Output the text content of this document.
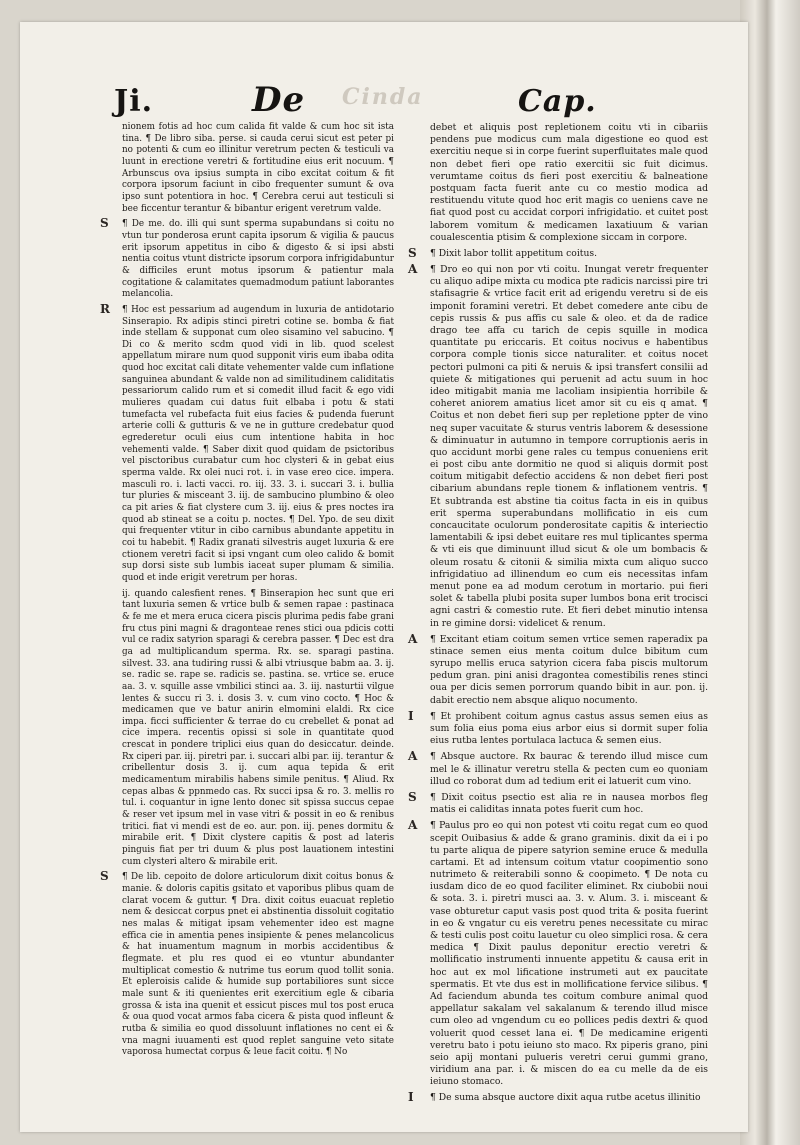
Ji.	De Cinda	Cap.

nionem fotis ad hoc cum calida fit valde & cum hoc sit ista tina. ¶ De libro siba. perse. si cauda cerui sicut est peter pi no potenti & cum eo illinitur veretrum pecten & testiculi va luunt in erectione veretri & fortitudine eius erit nocuum. ¶ Arbunscus ova ipsius sumpta in cibo excitat coitum & fit corpora ipsorum faciunt in cibo frequenter sumunt & ova ipso sunt potentiora in hoc. ¶ Cerebra cerui aut testiculi si bee ficcentur terantur & bibantur erigent veretrum valde.

S ¶ De me. do. illi qui sunt sperma supabundans si coitu no vtun tur ponderosa erunt capita ipsorum & vigilia & paucus erit ipsorum appetitus in cibo & digesto & si ipsi absti nentia coitus vtunt districte ipsorum corpora infrigidabuntur & difficiles erunt motus ipsorum & patientur mala cogitatione & calamitates quemadmodum patiunt laborantes melancolia.

R ¶ Hoc est pessarium ad augendum in luxuria de antidotario Sinserapio. Rx adipis stinci piretri cotine se. bomba & fiat inde stellam & supponat cum oleo sisamino vel sabucino. ¶ Di co & merito scdm quod vidi in lib. quod scelest appellatum mirare num quod supponit viris eum ibaba odita quod hoc excitat cali ditate vehementer valde cum inflatione sanguinea abundant & valde non ad similitudinem caliditatis pessariorum calido rum et si comedit illud facit & ego vidi mulieres quadam cui datus fuit elbaba i potu & stati tumefacta vel rubefacta fuit eius facies & pudenda fuerunt arterie colli & gutturis & ve ne in gutture credebatur quod egrederetur oculi eius cum intentione habita in hoc vehementi valde. ¶ Saber dixit quod quidam de psictoribus vel pisctoribus curabatur cum hoc clysteri & in gebat eius sperma valde. Rx olei nuci rot. i. in vase ereo cice. impera. masculi ro. i. lacti vacci. ro. iij. 33. 3. i. succari 3. i. bullia tur pluries & misceant 3. iij. de sambucino plumbino & oleo ca pit aries & fiat clystere cum 3. iij. eius & pres noctes ira quod ab stineat se a coitu p. noctes. ¶ Del. Ypo. de seu dixit qui frequenter vtitur in cibo carnibus abundante appetitu in coi tu habebit. ¶ Radix granati silvestris auget luxuria & ere ctionem veretri facit si ipsi vngant cum oleo calido & bomit sup dorsi siste sub lumbis iaceat super plumam & similia. quod et inde erigit veretrum per horas.

ij. quando calesfient renes. ¶ Binserapion hec sunt que eri tant luxuria semen & vrtice bulb & semen rapae : pastinaca & fe me et mera eruca cicera piscis plurima pedis fabe grani fru ctus pini magni & dragonteae renes stici oua pdicis cotti vul ce radix satyrion sparagi & cerebra passer. ¶ Dec est dra ga ad multiplicandum sperma. Rx. se. sparagi pastina. silvest. 33. ana tudiring russi & albi vtriusque babm aa. 3. ij. se. radic se. rape se. radicis se. pastina. se. vrtice se. eruce aa. 3. v. squille asse vmbilici stinci aa. 3. iij. nasturtii vilgue lentes & succu ri 3. i. dosis 3. v. cum vino cocto. ¶ Hoc & medicamen que ve batur anirin elmomini elaldi. Rx cice impa. ficci sufficienter & terrae do cu crebellet & ponat ad cice impera. recentis opissi si sole in quantitate quod crescat in pondere triplici eius quan do desiccatur. deinde. Rx ciperi par. iij. piretri par. i. succari albi par. iij. terantur & cribellentur dosis 3. ij. cum aqua tepida & erit medicamentum mirabilis habens simile penitus. ¶ Aliud. Rx cepas albas & ppnmedo cas. Rx succi ipsa & ro. 3. mellis ro tul. i. coquantur in igne lento donec sit spissa succus cepae & reser vet ipsum mel in vase vitri & possit in eo & renibus tritici. fiat vi mendi est de eo. aur. pon. iij. penes dormitu & mirabile erit. ¶ Dixit clystere capitis & post ad lateris pinguis fiat per tri duum & plus post lauationem intestini cum clysteri altero & mirabile erit.

S ¶ De lib. cepoito de dolore articulorum dixit coitus bonus & manie. & doloris capitis gsitato et vaporibus plibus quam de clarat vocem & guttur. ¶ Dra. dixit coitus euacuat repletio nem & desiccat corpus pnet ei abstinentia dissoluit cogitatio nes malas & mitigat ipsam vehementer ideo est magne effica cie in amentia penes insipiente & penes melancolicus & hat inuamentum magnum in morbis accidentibus & flegmate. et plu res quod ei eo vtuntur abundanter multiplicat comestio & nutrime tus eorum quod tollit sonia. Et epleroisis calide & humide sup portabiliores sunt sicce male sunt & iti quenientes erit exercitium egle & cibaria grossa & ista ina quenit et essicut pisces mul tos post eruca & oua quod vocat armos faba cicera & pista quod infleunt & rutba & similia eo quod dissoluunt inflationes no cent ei & vna magni iuuamenti est quod replet sanguine veto sitate vaporosa humectat corpus & leue facit coitu. ¶ No

debet et aliquis post repletionem coitu vti in cibariis pendens pue modicus cum mala digestione eo quod est exercitiu neque si in corpe fuerint superfluitates male quod non debet fieri ope ratio exercitii sic fuit dicimus. verumtame coitus ds fieri post exercitiu & balneatione postquam facta fuerit ante cu co mestio modica ad restituendu vitute quod hoc erit magis co ueniens cave ne fiat quod post cu accidat corpori infrigidatio. et cuitet post laborem vomitum & medicamen laxatiuum & varian coualescentia ptisim & complexione siccam in corpore.

S ¶ Dixit labor tollit appetitum coitus.

A ¶ Dro eo qui non por vti coitu. Inungat veretr frequenter cu aliquo adipe mixta cu modica pte radicis narcissi pire tri stafisagrie & vrtice facit erit ad erigendu veretru si de eis imponit foramini veretri. Et debet comedere ante cibu de cepis russis & pus affis cu sale & oleo. et da de radice drago tee affa cu tarich de cepis squille in modica quantitate pu ericcaris. Et coitus nocivus e habentibus corpora comple tionis sicce naturaliter. et coitus nocet pectori pulmoni ca piti & neruis & ipsi transfert consilii ad quiete & mitigationes qui peruenit ad actu suum in hoc ideo mitigabit mania me lacoliam insipientia horribile & coheret aniorem amatius licet amor sit cu eis q amat. ¶ Coitus et non debet fieri sup per repletione ppter de vino neq super vacuitate & sturus ventris laborem & desessione & diminuatur in autumno in tempore corruptionis aeris in quo accidunt morbi gene rales cu tempus conueniens erit ei post cibu ante dormitio ne quod si aliquis dormit post coitum mitigabit defectio accidens & non debet fieri post cibarium abundans reple tionem & inflationem ventris. ¶ Et subtranda est abstine tia coitus facta in eis in quibus erit sperma superabundans mollificatio in eis cum concaucitate oculorum ponderositate capitis & interiectio lamentabili & ipsi debet euitare res mul tiplicantes sperma & vti eis que diminuunt illud sicut & ole um bombacis & oleum rosatu & citonii & similia mixta cum aliquo succo infrigidatiuo ad illinendum eo cum eis necessitas infam menut pone ea ad modum cerotum in mortario. pui fieri solet & tabella plubi posita super lumbos bona erit trocisci agni castri & comestio rute. Et fieri debet minutio intensa in re gimine dorsi: videlicet & renum.

A ¶ Excitant etiam coitum semen vrtice semen raperadix pa stinace semen eius menta coitum dulce bibitum cum syrupo mellis eruca satyrion cicera faba piscis multorum pedum gran. pini anisi dragontea comestibilis renes stinci oua per dicis semen porrorum quando bibit in aur. pon. ij. dabit erectio nem absque aliquo nocumento.

I ¶ Et prohibent coitum agnus castus assus semen eius as sum folia eius poma eius arbor eius si dormit super folia eius rutba lentes portulaca lactuca & semen eius.

A ¶ Absque auctore. Rx baurac & terendo illud misce cum mel le & illinatur veretru stella & pecten cum eo quoniam illud co roborat dum ad tedium erit ei latuerit cum vino.

S ¶ Dixit coitus psectio est alia re in nausea morbos fleg matis ei caliditas innata potes fuerit cum hoc.

A ¶ Paulus pro eo qui non potest vti coitu regat cum eo quod scepit Ouibasius & adde & grano graminis. dixit da ei i po tu parte aliqua de pipere satyrion semine eruce & medulla cartami. Et ad intensum coitum vtatur coopimentio sono nutrimeto & reiterabili sonno & coopimeto. ¶ De nota cu iusdam dico de eo quod faciliter eliminet. Rx ciubobii noui & sota. 3. i. piretri musci aa. 3. v. Alum. 3. i. misceant & vase obturetur caput vasis post quod trita & posita fuerint in eo & vngatur cu eis veretru penes necessitate cu mirac & testi culis post coitu lauetur cu oleo simplici rosa. & cera medica ¶ Dixit paulus deponitur erectio veretri & mollificatio instrumenti innuente appetitu & causa erit in hoc aut ex mol lificatione instrumeti aut ex paucitate spermatis. Et vte dus est in mollificatione fervice silibus. ¶ Ad faciendum abunda tes coitum combure animal quod appellatur sakalam vel sakalanum & terendo illud misce cum oleo ad vngendum cu eo pollices pedis dextri & quod voluerit quod cesset lana ei. ¶ De medicamine erigenti veretru bato i potu ieiuno sto maco. Rx piperis grano, pini seio apij montani pulueris veretri cerui gummi grano, viridium ana par. i. & miscen do ea cu melle da de eis ieiuno stomaco.

I ¶ De suma absque auctore dixit aqua rutbe acetus illinitio
